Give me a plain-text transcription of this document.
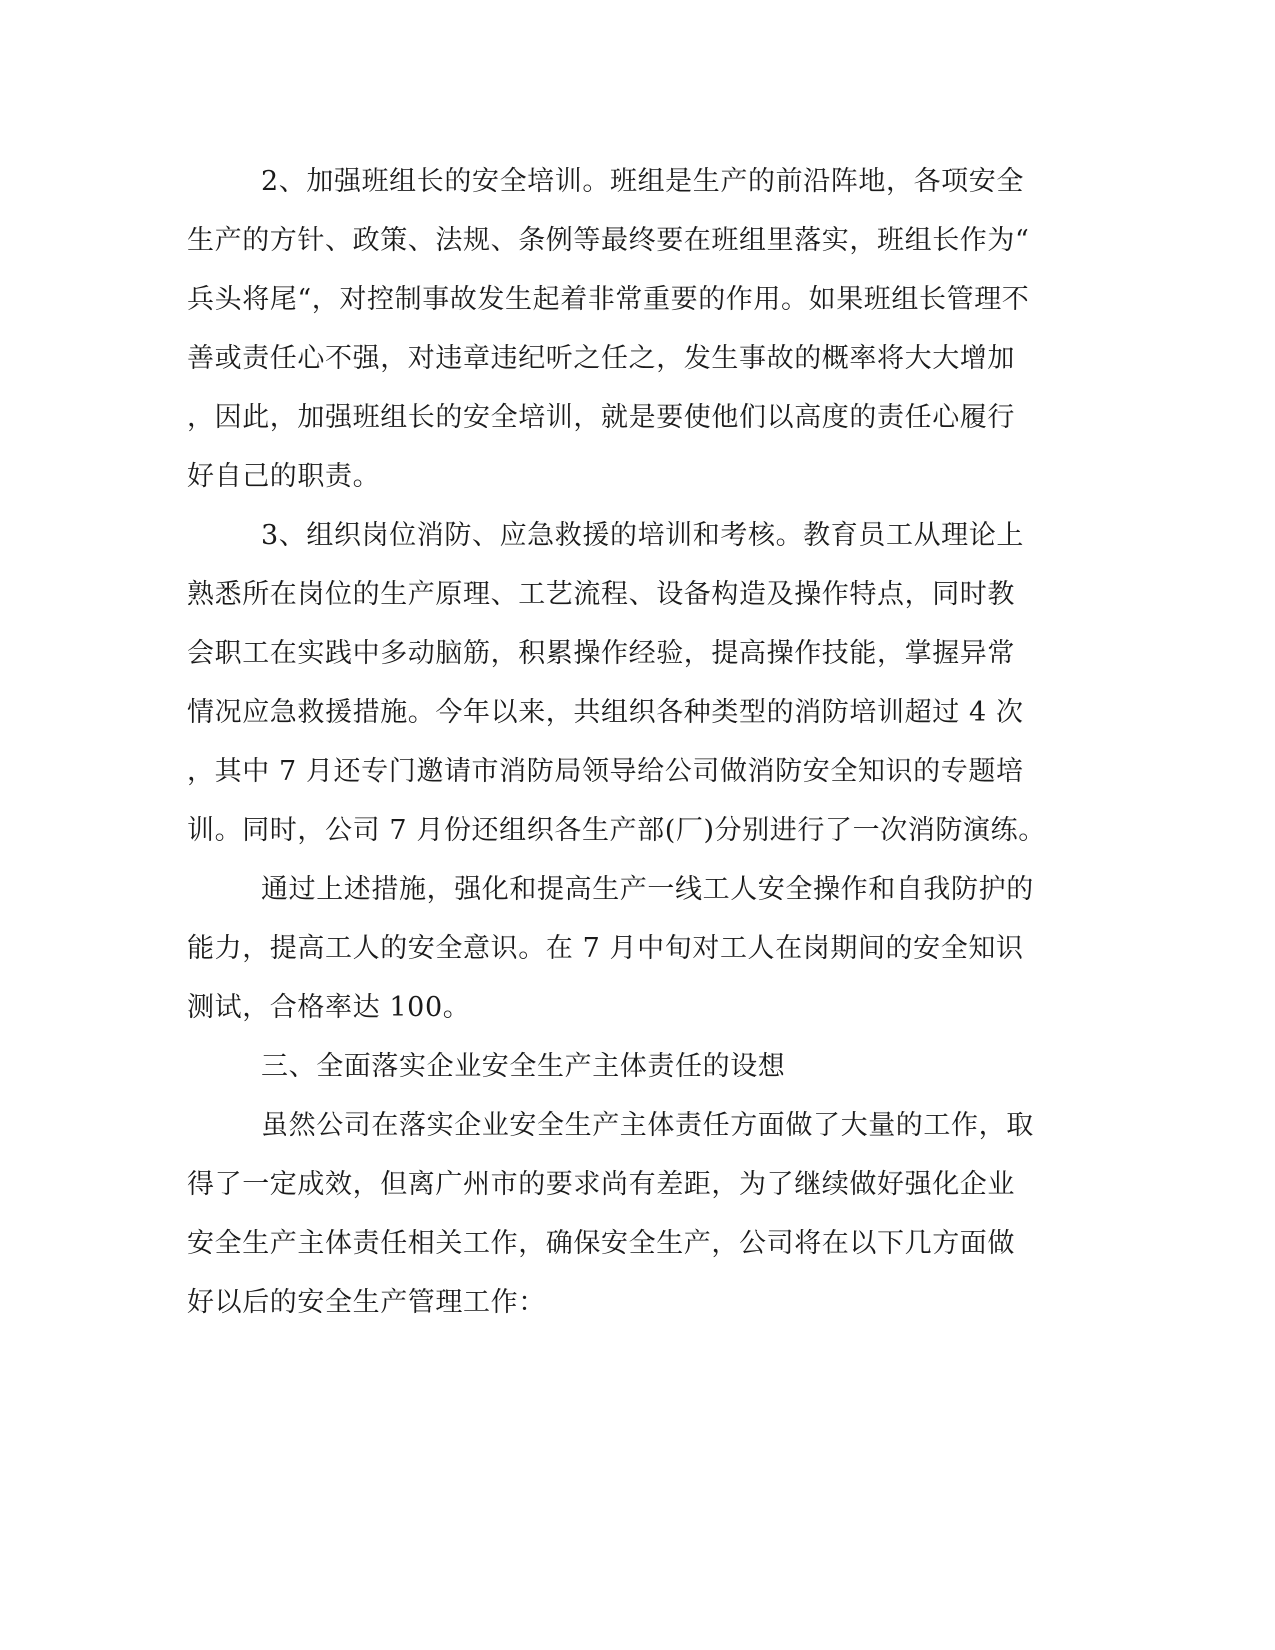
2、加强班组长的安全培训。班组是生产的前沿阵地，各项安全
生产的方针、政策、法规、条例等最终要在班组里落实，班组长作为“
兵头将尾“，对控制事故发生起着非常重要的作用。如果班组长管理不
善或责任心不强，对违章违纪听之任之，发生事故的概率将大大增加
，因此，加强班组长的安全培训，就是要使他们以高度的责任心履行
好自己的职责。
3、组织岗位消防、应急救援的培训和考核。教育员工从理论上
熟悉所在岗位的生产原理、工艺流程、设备构造及操作特点，同时教
会职工在实践中多动脑筋，积累操作经验，提高操作技能，掌握异常
情况应急救援措施。今年以来，共组织各种类型的消防培训超过 4 次
，其中 7 月还专门邀请市消防局领导给公司做消防安全知识的专题培
训。同时，公司 7 月份还组织各生产部(厂)分别进行了一次消防演练。
通过上述措施，强化和提高生产一线工人安全操作和自我防护的
能力，提高工人的安全意识。在 7 月中旬对工人在岗期间的安全知识
测试，合格率达 100。
三、全面落实企业安全生产主体责任的设想
虽然公司在落实企业安全生产主体责任方面做了大量的工作，取
得了一定成效，但离广州市的要求尚有差距，为了继续做好强化企业
安全生产主体责任相关工作，确保安全生产，公司将在以下几方面做
好以后的安全生产管理工作：
